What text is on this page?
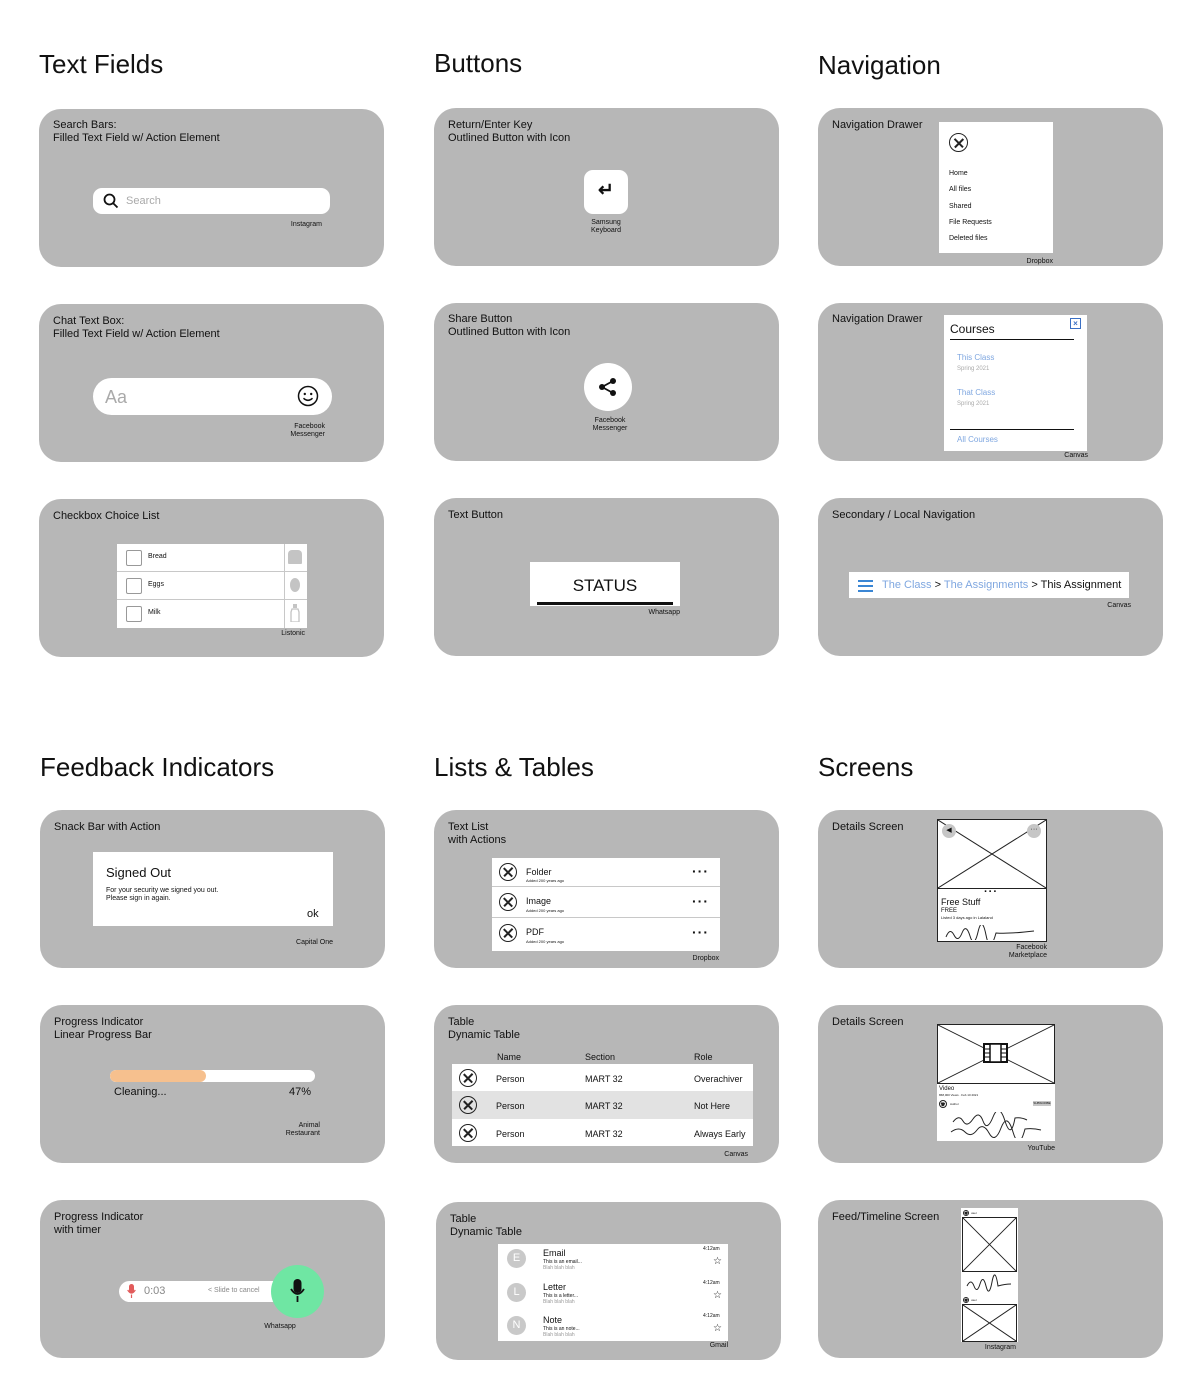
Text Fields	Buttons	Navigation
Feedback Indicators	Lists & Tables	Screens
Search Bars:
Filled Text Field w/ Action Element
Search
Instagram
Chat Text Box:
Filled Text Field w/ Action Element
Aa
Facebook
Messenger
Checkbox Choice List
Bread
Eggs
Milk
Listonic
Return/Enter Key
Outlined Button with Icon
↵
Samsung
Keyboard
Share Button
Outlined Button with Icon
Facebook
Messenger
Text Button
STATUS
Whatsapp
Navigation Drawer
Home
All files
Shared
File Requests
Deleted files
Dropbox
Navigation Drawer
Courses	×
This Class
Spring 2021
That Class
Spring 2021
All Courses
Canvas
Secondary / Local Navigation
The Class > The Assignments > This Assignment
Canvas
Snack Bar with Action
Signed Out
For your security we signed you out.
Please sign in again.
ok
Capital One
Progress Indicator
Linear Progress Bar
Cleaning...	47%
Animal
Restaurant
Progress Indicator
with timer
0:03	< Slide to cancel
Whatsapp
Text List
with Actions
Folder
Added 200 years ago
···
Image
Added 200 years ago
···
PDF
Added 200 years ago
···
Dropbox
Table
Dynamic Table
Name	Section	Role
Person	MART 32	Overachiver
Person	MART 32	Not Here
Person	MART 32	Always Early
Canvas
Table
Dynamic Table
E	Email
This is an email...
Blah blah blah
4:12am
☆
L	Letter
This is a letter...
Blah blah blah
4:12am
☆
N	Note
This is an note...
Blah blah blah
4:12am
☆
Gmail
Details Screen	◀	···
···
Free Stuff
FREE
Listed 3 days ago in Lalaland
Facebook
Marketplace
Details Screen
Video
868,000 Views · Feb 10 2021
Author	SUBSCRIBE
YouTube
Feed/Timeline Screen	user
user
Instagram
